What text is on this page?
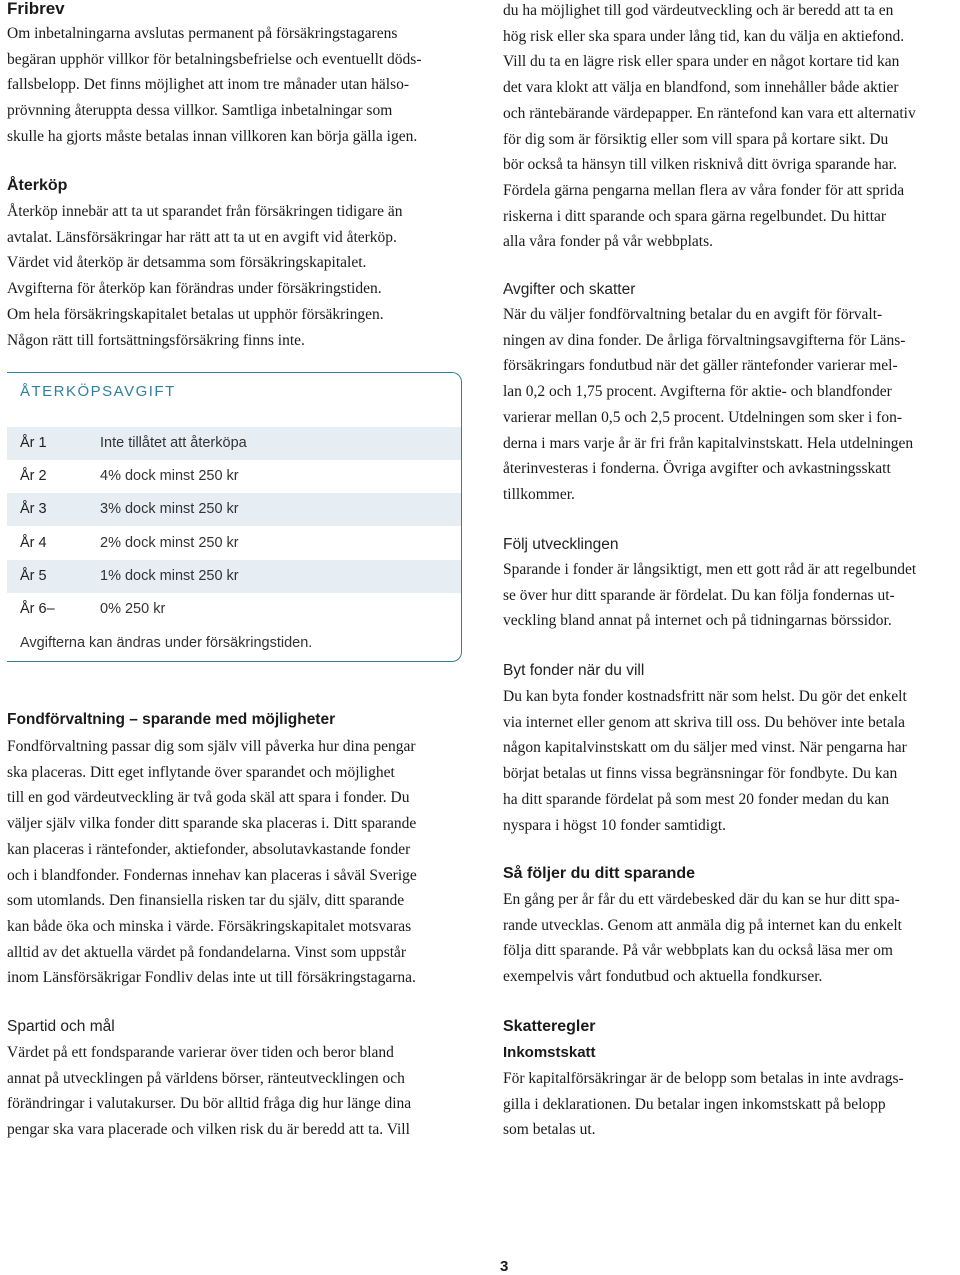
Fribrev

Om inbetalningarna avslutas permanent på försäkringstagarens
begäran upphör villkor för betalningsbefrielse och eventuellt döds-
fallsbelopp. Det finns möjlighet att inom tre månader utan hälso-
prövnning återuppta dessa villkor. Samtliga inbetalningar som
skulle ha gjorts måste betalas innan villkoren kan börja gälla igen.

Återköp

Återköp innebär att ta ut sparandet från försäkringen tidigare än
avtalat. Länsförsäkringar har rätt att ta ut en avgift vid återköp.
Värdet vid återköp är detsamma som försäkringskapitalet.
Avgifterna för återköp kan förändras under försäkringstiden.
Om hela försäkringskapitalet betalas ut upphör försäkringen.
Någon rätt till fortsättningsförsäkring finns inte.

Fondförvaltning – sparande med möjligheter

Fondförvaltning passar dig som själv vill påverka hur dina pengar
ska placeras. Ditt eget inflytande över sparandet och möjlighet
till en god värdeutveckling är två goda skäl att spara i fonder. Du
väljer själv vilka fonder ditt sparande ska placeras i. Ditt sparande
kan placeras i räntefonder, aktiefonder, absolutavkastande fonder
och i blandfonder. Fondernas innehav kan placeras i såväl Sverige
som utomlands. Den finansiella risken tar du själv, ditt sparande
kan både öka och minska i värde. Försäkringskapitalet motsvaras
alltid av det aktuella värdet på fondandelarna. Vinst som uppstår
inom Länsförsäkrigar Fondliv delas inte ut till försäkringstagarna.

Spartid och mål

Värdet på ett fondsparande varierar över tiden och beror bland
annat på utvecklingen på världens börser, ränteutvecklingen och
förändringar i valutakurser. Du bör alltid fråga dig hur länge dina
pengar ska vara placerade och vilken risk du är beredd att ta. Vill

ÅTERKÖPSAVGIFT
År 1	Inte tillåtet att återköpa
År 2	4% dock minst 250 kr
År 3	3% dock minst 250 kr
År 4	2% dock minst 250 kr
År 5	1% dock minst 250 kr
År 6–	0% 250 kr
Avgifterna kan ändras under försäkringstiden.

du ha möjlighet till god värdeutveckling och är beredd att ta en
hög risk eller ska spara under lång tid, kan du välja en aktiefond.
Vill du ta en lägre risk eller spara under en något kortare tid kan
det vara klokt att välja en blandfond, som innehåller både aktier
och räntebärande värdepapper. En räntefond kan vara ett alternativ
för dig som är försiktig eller som vill spara på kortare sikt. Du
bör också ta hänsyn till vilken risknivå ditt övriga sparande har.
Fördela gärna pengarna mellan flera av våra fonder för att sprida
riskerna i ditt sparande och spara gärna regelbundet. Du hittar
alla våra fonder på vår webbplats.

Avgifter och skatter

När du väljer fondförvaltning betalar du en avgift för förvalt-
ningen av dina fonder. De årliga förvaltningsavgifterna för Läns-
försäkringars fondutbud när det gäller räntefonder varierar mel-
lan 0,2 och 1,75 procent. Avgifterna för aktie- och blandfonder
varierar mellan 0,5 och 2,5 procent. Utdelningen som sker i fon-
derna i mars varje år är fri från kapitalvinstskatt. Hela utdelningen
återinvesteras i fonderna. Övriga avgifter och avkastningsskatt
tillkommer.

Följ utvecklingen

Sparande i fonder är långsiktigt, men ett gott råd är att regelbundet
se över hur ditt sparande är fördelat. Du kan följa fondernas ut-
veckling bland annat på internet och på tidningarnas börssidor.

Byt fonder när du vill

Du kan byta fonder kostnadsfritt när som helst. Du gör det enkelt
via internet eller genom att skriva till oss. Du behöver inte betala
någon kapitalvinstskatt om du säljer med vinst. När pengarna har
börjat betalas ut finns vissa begränsningar för fondbyte. Du kan
ha ditt sparande fördelat på som mest 20 fonder medan du kan
nyspara i högst 10 fonder samtidigt.

Så följer du ditt sparande

En gång per år får du ett värdebesked där du kan se hur ditt spa-
rande utvecklas. Genom att anmäla dig på internet kan du enkelt
följa ditt sparande. På vår webbplats kan du också läsa mer om
exempelvis vårt fondutbud och aktuella fondkurser.

Skatteregler
Inkomstskatt

För kapitalförsäkringar är de belopp som betalas in inte avdrags-
gilla i deklarationen. Du betalar ingen inkomstskatt på belopp
som betalas ut.

3
